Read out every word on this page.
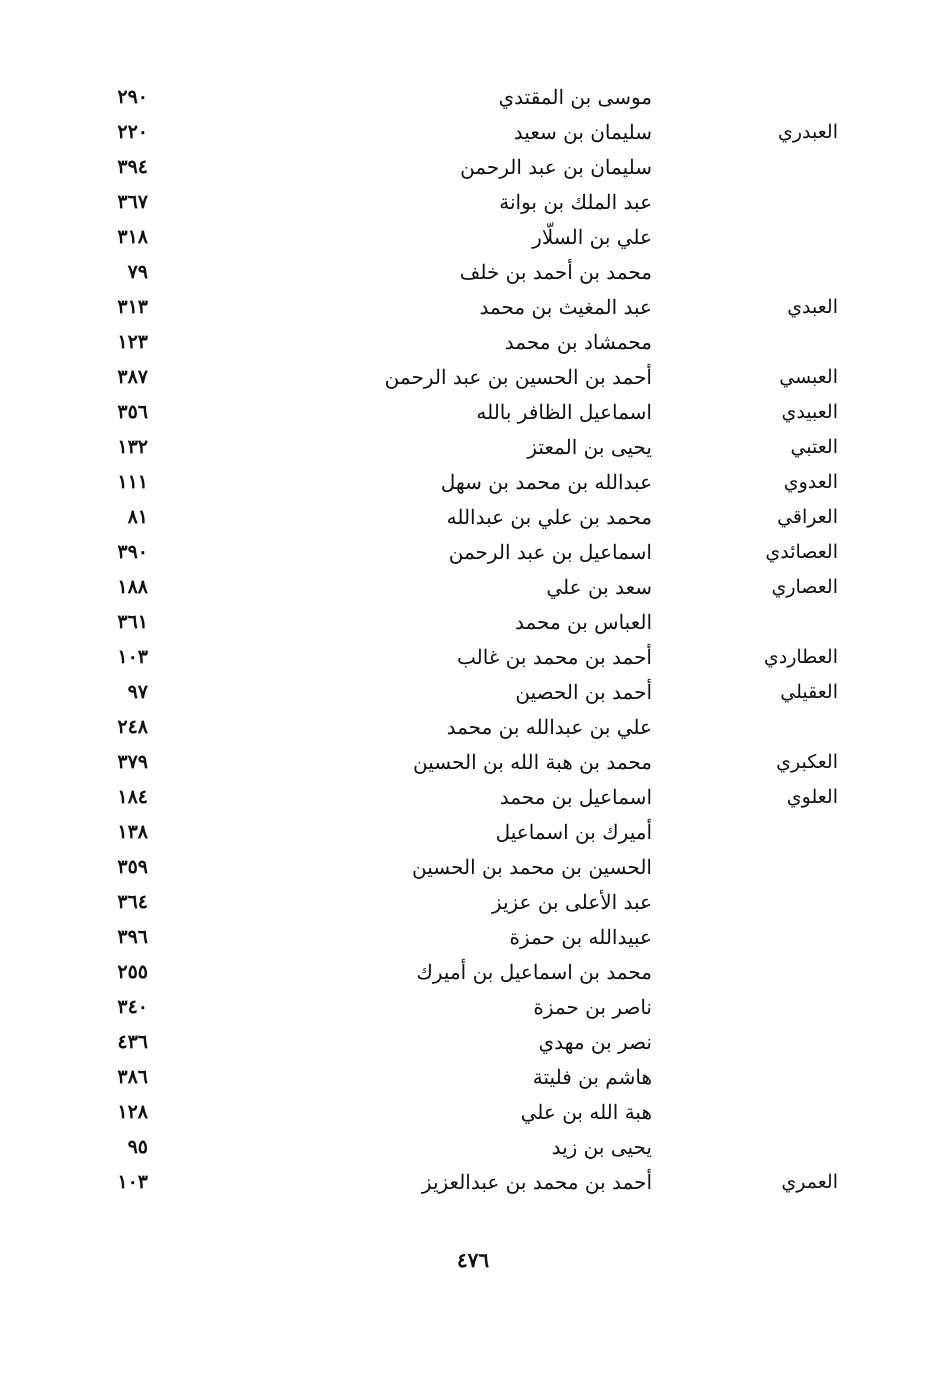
موسى بن المقتدي
٢٩٠
العبدري
سليمان بن سعيد
٢٢٠
سليمان بن عبد الرحمن
٣٩٤
عبد الملك بن بوانة
٣٦٧
علي بن السلّار
٣١٨
محمد بن أحمد بن خلف
٧٩
العبدي
عبد المغيث بن محمد
٣١٣
محمشاد بن محمد
١٢٣
العبسي
أحمد بن الحسين بن عبد الرحمن
٣٨٧
العبيدي
اسماعيل الظافر بالله
٣٥٦
العتبي
يحيى بن المعتز
١٣٢
العدوي
عبدالله بن محمد بن سهل
١١١
العراقي
محمد بن علي بن عبدالله
٨١
العصائدي
اسماعيل بن عبد الرحمن
٣٩٠
العصاري
سعد بن علي
١٨٨
العباس بن محمد
٣٦١
العطاردي
أحمد بن محمد بن غالب
١٠٣
العقيلي
أحمد بن الحصين
٩٧
علي بن عبدالله بن محمد
٢٤٨
العكبري
محمد بن هبة الله بن الحسين
٣٧٩
العلوي
اسماعيل بن محمد
١٨٤
أميرك بن اسماعيل
١٣٨
الحسين بن محمد بن الحسين
٣٥٩
عبد الأعلى بن عزيز
٣٦٤
عبيدالله بن حمزة
٣٩٦
محمد بن اسماعيل بن أميرك
٢٥٥
ناصر بن حمزة
٣٤٠
نصر بن مهدي
٤٣٦
هاشم بن فليتة
٣٨٦
هبة الله بن علي
١٢٨
يحيى بن زيد
٩٥
العمري
أحمد بن محمد بن عبدالعزيز
١٠٣
٤٧٦
